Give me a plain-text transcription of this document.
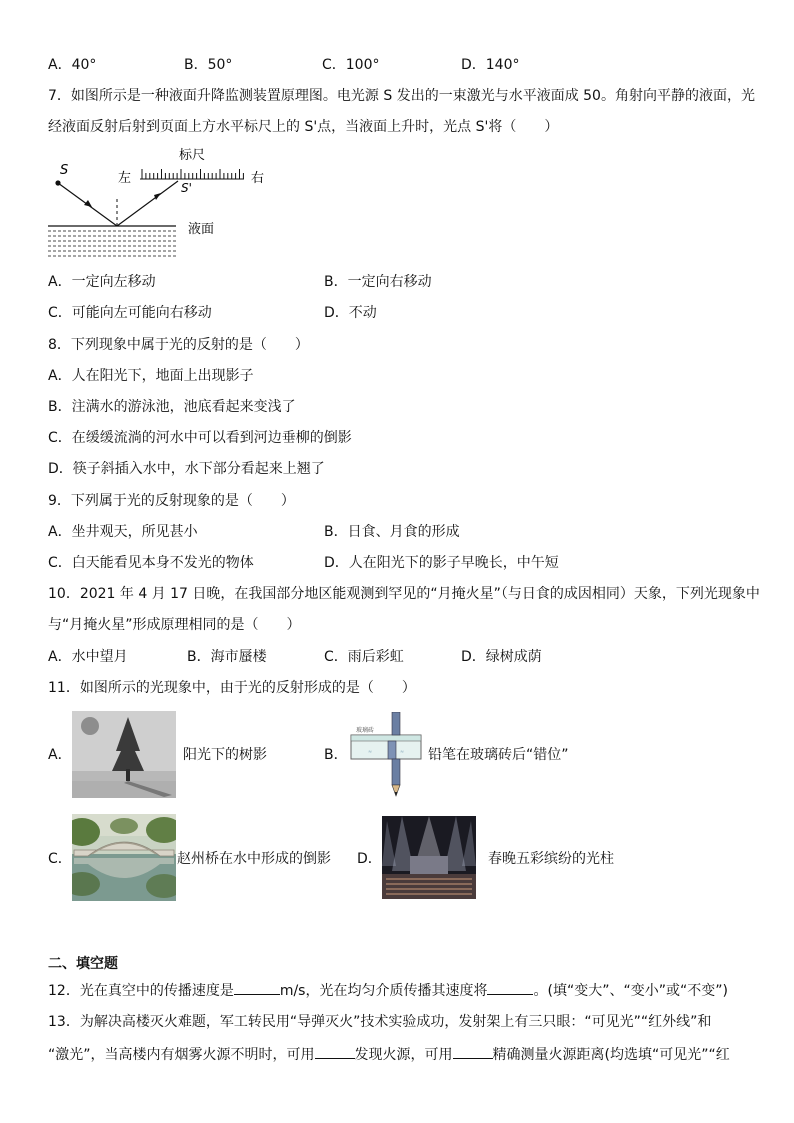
A．40°	B．50°	C．100°	D．140°
7．如图所示是一种液面升降监测装置原理图。电光源 S 发出的一束激光与水平液面成 50。角射向平静的液面，光
经液面反射后射到页面上方水平标尺上的 S'点，当液面上升时，光点 S'将（　　）
S
左
标尺
右
S'
液面
A．一定向左移动	B．一定向右移动
C．可能向左可能向右移动	D．不动
8．下列现象中属于光的反射的是（　　）
A．人在阳光下，地面上出现影子
B．注满水的游泳池，池底看起来变浅了
C．在缓缓流淌的河水中可以看到河边垂柳的倒影
D．筷子斜插入水中，水下部分看起来上翘了
9．下列属于光的反射现象的是（　　）
A．坐井观天，所见甚小	B．日食、月食的形成
C．白天能看见本身不发光的物体	D．人在阳光下的影子早晚长，中午短
10．2021 年 4 月 17 日晚，在我国部分地区能观测到罕见的“月掩火星”（与日食的成因相同）天象，下列光现象中
与“月掩火星”形成原理相同的是（　　）
A．水中望月	B．海市蜃楼	C．雨后彩虹	D．绿树成荫
11．如图所示的光现象中，由于光的反射形成的是（　　）
A．	阳光下的树影	B．
玻璃砖
≈	≈ 铅笔在玻璃砖后“错位”
C．	赵州桥在水中形成的倒影 D．	春晚五彩缤纷的光柱
二、填空题
12．光在真空中的传播速度是	m/s，光在均匀介质传播其速度将	。(填“变大”、“变小”或“不变”)
13．为解决高楼灭火难题，军工转民用“导弹灭火”技术实验成功，发射架上有三只眼：“可见光”“红外线”和
“激光”，当高楼内有烟雾火源不明时，可用	发现火源，可用	精确测量火源距离(均选填“可见光”“红
